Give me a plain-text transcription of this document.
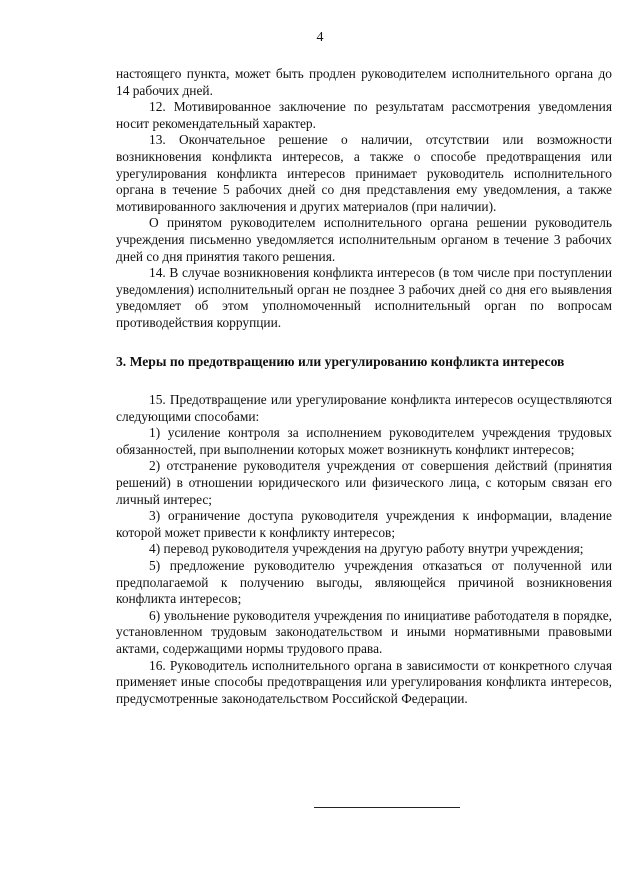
4

настоящего пункта, может быть продлен руководителем исполнительного органа до 14 рабочих дней.

12. Мотивированное заключение по результатам рассмотрения уведомления носит рекомендательный характер.

13. Окончательное решение о наличии, отсутствии или возможности возникновения конфликта интересов, а также о способе предотвращения или урегулирования конфликта интересов принимает руководитель исполнительного органа в течение 5 рабочих дней со дня представления ему уведомления, а также мотивированного заключения и других материалов (при наличии).

О принятом руководителем исполнительного органа решении руководитель учреждения письменно уведомляется исполнительным органом в течение 3 рабочих дней со дня принятия такого решения.

14. В случае возникновения конфликта интересов (в том числе при поступлении уведомления) исполнительный орган не позднее 3 рабочих дней со дня его выявления уведомляет об этом уполномоченный исполнительный орган по вопросам противодействия коррупции.

3. Меры по предотвращению или урегулированию конфликта интересов

15. Предотвращение или урегулирование конфликта интересов осуществляются следующими способами:

1) усиление контроля за исполнением руководителем учреждения трудовых обязанностей, при выполнении которых может возникнуть конфликт интересов;

2) отстранение руководителя учреждения от совершения действий (принятия решений) в отношении юридического или физического лица, с которым связан его личный интерес;

3) ограничение доступа руководителя учреждения к информации, владение которой может привести к конфликту интересов;

4) перевод руководителя учреждения на другую работу внутри учреждения;

5) предложение руководителю учреждения отказаться от полученной или предполагаемой к получению выгоды, являющейся причиной возникновения конфликта интересов;

6) увольнение руководителя учреждения по инициативе работодателя в порядке, установленном трудовым законодательством и иными нормативными правовыми актами, содержащими нормы трудового права.

16. Руководитель исполнительного органа в зависимости от конкретного случая применяет иные способы предотвращения или урегулирования конфликта интересов, предусмотренные законодательством Российской Федерации.
